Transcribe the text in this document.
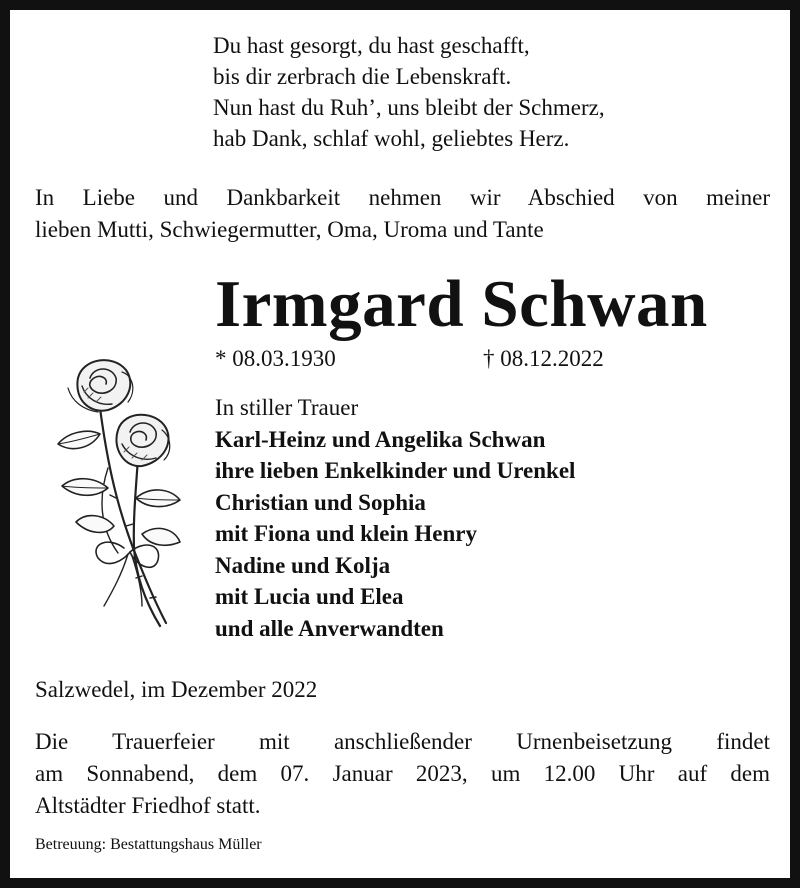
Du hast gesorgt, du hast geschafft,
bis dir zerbrach die Lebenskraft.
Nun hast du Ruh’, uns bleibt der Schmerz,
hab Dank, schlaf wohl, geliebtes Herz.
In Liebe und Dankbarkeit nehmen wir Abschied von meiner
lieben Mutti, Schwiegermutter, Oma, Uroma und Tante
Irmgard Schwan
* 08.03.1930	† 08.12.2022
In stiller Trauer
Karl-Heinz und Angelika Schwan
ihre lieben Enkelkinder und Urenkel
Christian und Sophia
mit Fiona und klein Henry
Nadine und Kolja
mit Lucia und Elea
und alle Anverwandten
Salzwedel, im Dezember 2022
Die Trauerfeier mit anschließender Urnenbeisetzung findet
am Sonnabend, dem 07. Januar 2023, um 12.00 Uhr auf dem
Altstädter Friedhof statt.
Betreuung: Bestattungshaus Müller
